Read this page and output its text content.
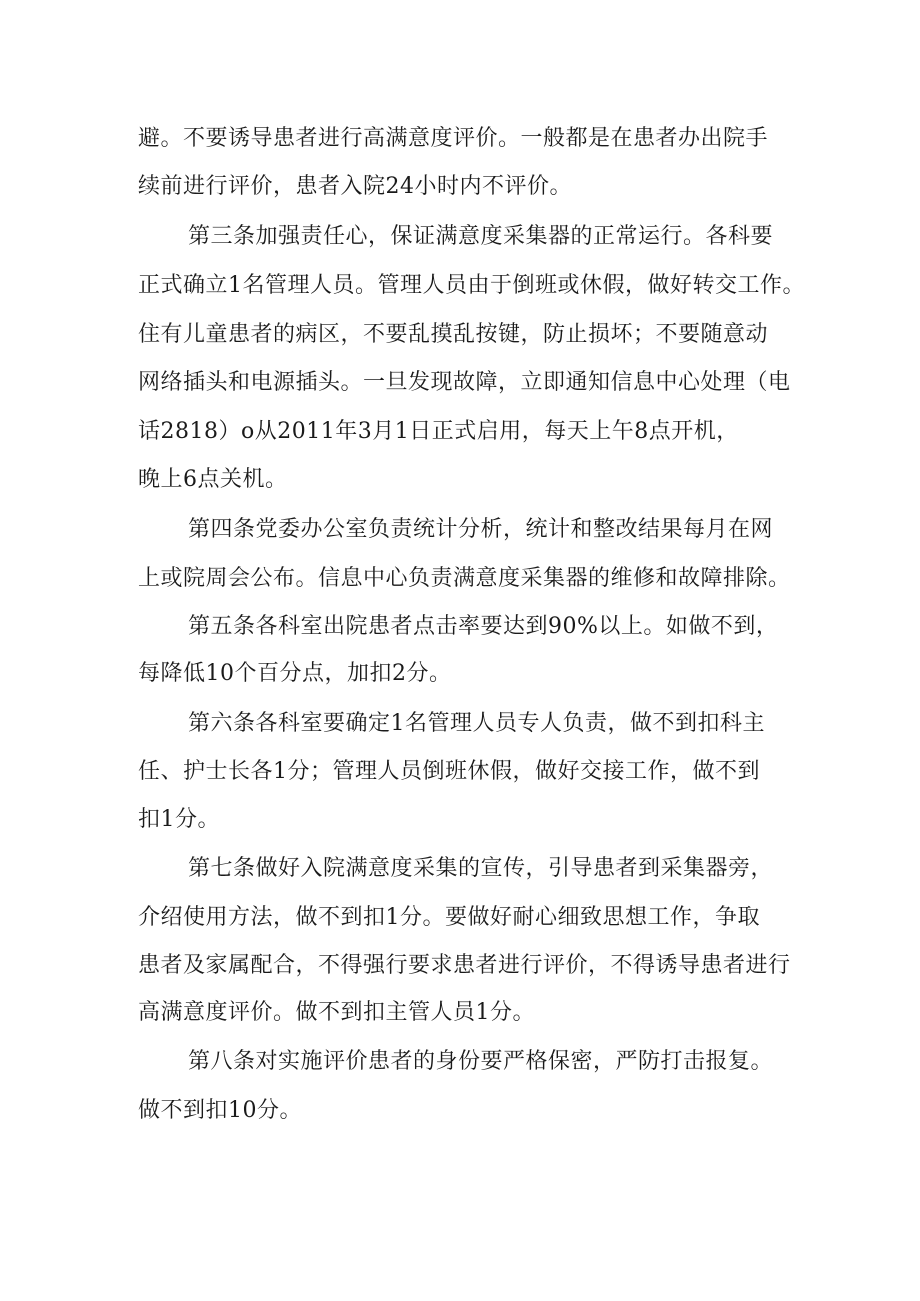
避。不要诱导患者进行高满意度评价。一般都是在患者办出院手

续前进行评价，患者入院24小时内不评价。

第三条加强责任心，保证满意度采集器的正常运行。各科要

正式确立1名管理人员。管理人员由于倒班或休假，做好转交工作。

住有儿童患者的病区，不要乱摸乱按键，防止损坏；不要随意动

网络插头和电源插头。一旦发现故障，立即通知信息中心处理（电

话2818）o从2011年3月1日正式启用，每天上午8点开机，

晚上6点关机。

第四条党委办公室负责统计分析，统计和整改结果每月在网

上或院周会公布。信息中心负责满意度采集器的维修和故障排除。

第五条各科室出院患者点击率要达到90%以上。如做不到，

每降低10个百分点，加扣2分。

第六条各科室要确定1名管理人员专人负责，做不到扣科主

任、护士长各1分；管理人员倒班休假，做好交接工作，做不到

扣1分。

第七条做好入院满意度采集的宣传，引导患者到采集器旁，

介绍使用方法，做不到扣1分。要做好耐心细致思想工作，争取

患者及家属配合，不得强行要求患者进行评价，不得诱导患者进行

高满意度评价。做不到扣主管人员1分。

第八条对实施评价患者的身份要严格保密，严防打击报复。

做不到扣10分。
